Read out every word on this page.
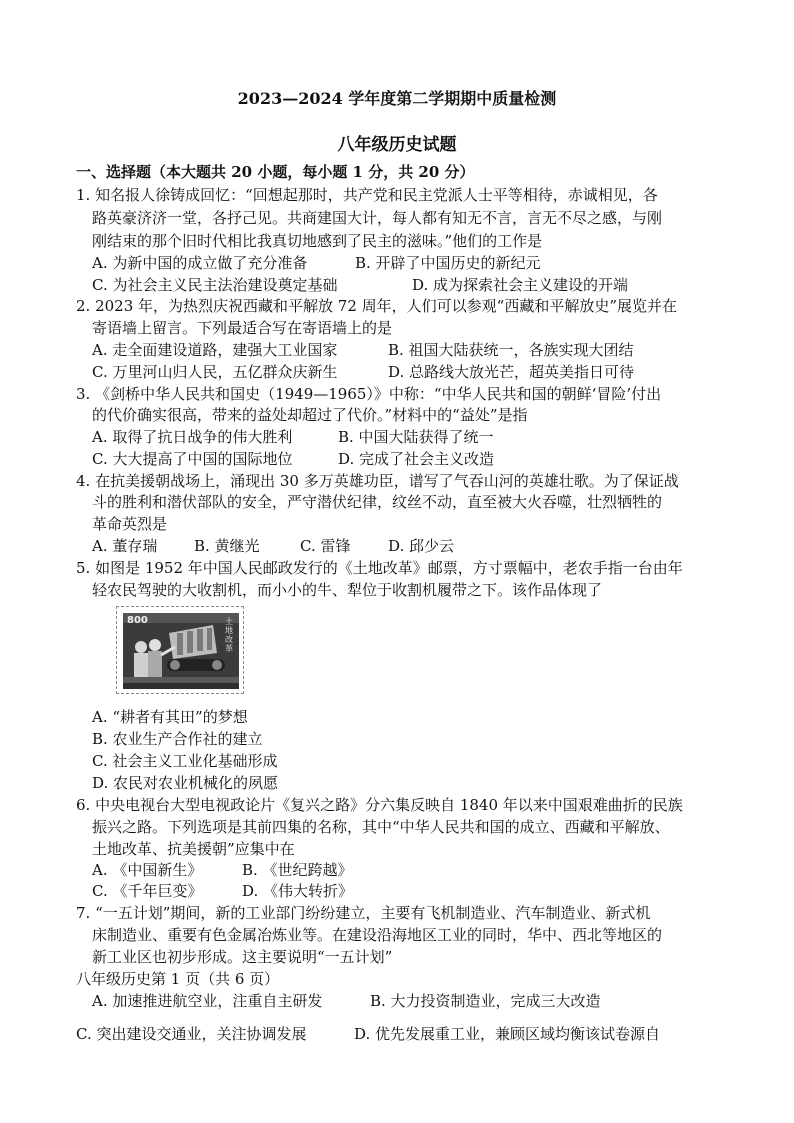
2023—2024 学年度第二学期期中质量检测
八年级历史试题
一、选择题（本大题共 20 小题，每小题 1 分，共 20 分）
1. 知名报人徐铸成回忆：“回想起那时，共产党和民主党派人士平等相待，赤诚相见，各
路英豪济济一堂，各抒己见。共商建国大计，每人都有知无不言，言无不尽之感，与刚
刚结束的那个旧时代相比我真切地感到了民主的滋味。”他们的工作是
A. 为新中国的成立做了充分准备	B. 开辟了中国历史的新纪元
C. 为社会主义民主法治建设奠定基础	D. 成为探索社会主义建设的开端
2. 2023 年，为热烈庆祝西藏和平解放 72 周年，人们可以参观“西藏和平解放史”展览并在
寄语墙上留言。下列最适合写在寄语墙上的是
A. 走全面建设道路，建强大工业国家	B. 祖国大陆获统一，各族实现大团结
C. 万里河山归人民，五亿群众庆新生	D. 总路线大放光芒，超英美指日可待
3. 《剑桥中华人民共和国史（1949—1965）》中称：“中华人民共和国的朝鲜‘冒险’付出
的代价确实很高，带来的益处却超过了代价。”材料中的“益处”是指
A. 取得了抗日战争的伟大胜利	B. 中国大陆获得了统一
C. 大大提高了中国的国际地位	D. 完成了社会主义改造
4. 在抗美援朝战场上，涌现出 30 多万英雄功臣，谱写了气吞山河的英雄壮歌。为了保证战
斗的胜利和潜伏部队的安全，严守潜伏纪律，纹丝不动，直至被大火吞噬，壮烈牺牲的
革命英烈是
A. 董存瑞 B. 黄继光	C. 雷锋	D. 邱少云
5. 如图是 1952 年中国人民邮政发行的《土地改革》邮票，方寸票幅中，老农手指一台由年
轻农民驾驶的大收割机，而小小的牛、犁位于收割机履带之下。该作品体现了
800	土地改革
A. “耕者有其田”的梦想
B. 农业生产合作社的建立
C. 社会主义工业化基础形成
D. 农民对农业机械化的夙愿
6. 中央电视台大型电视政论片《复兴之路》分六集反映自 1840 年以来中国艰难曲折的民族
振兴之路。下列选项是其前四集的名称，其中“中华人民共和国的成立、西藏和平解放、
土地改革、抗美援朝”应集中在
A. 《中国新生》	B. 《世纪跨越》
C. 《千年巨变》	D. 《伟大转折》
7. “一五计划”期间，新的工业部门纷纷建立，主要有飞机制造业、汽车制造业、新式机
床制造业、重要有色金属冶炼业等。在建设沿海地区工业的同时，华中、西北等地区的
新工业区也初步形成。这主要说明“一五计划”
八年级历史第 1 页（共 6 页）
A. 加速推进航空业，注重自主研发	B. 大力投资制造业，完成三大改造
C. 突出建设交通业，关注协调发展	D. 优先发展重工业，兼顾区域均衡该试卷源自
